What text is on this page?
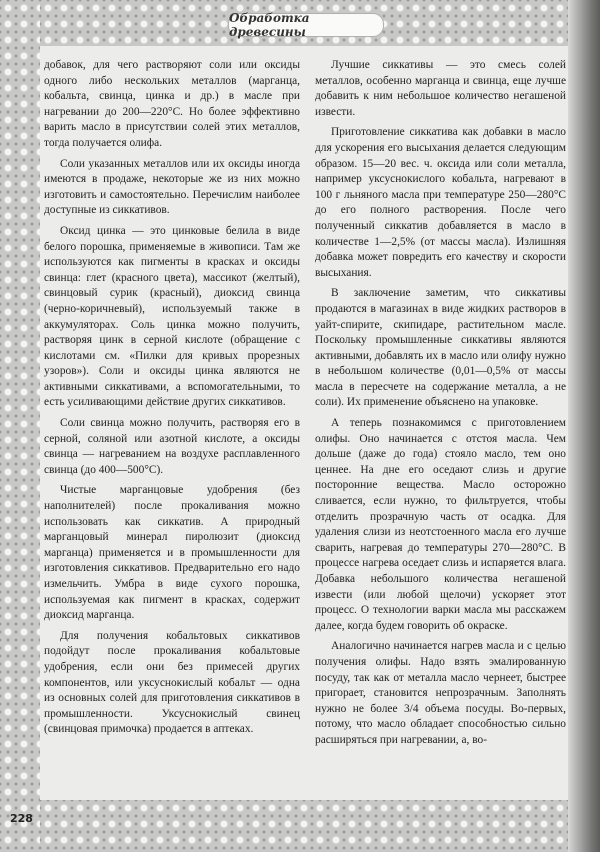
Обработка древесины

добавок, для чего растворяют соли или оксиды одного либо нескольких металлов (марганца, кобальта, свинца, цинка и др.) в масле при нагревании до 200—220°С. Но более эффективно варить масло в присутствии солей этих металлов, тогда получается олифа.

Соли указанных металлов или их оксиды иногда имеются в продаже, некоторые же из них можно изготовить и самостоятельно. Перечислим наиболее доступные из сиккативов.

Оксид цинка — это цинковые белила в виде белого порошка, применяемые в живописи. Там же используются как пигменты в красках и оксиды свинца: глет (красного цвета), массикот (желтый), свинцовый сурик (красный), диоксид свинца (черно-коричневый), используемый также в аккумуляторах. Соль цинка можно получить, растворяя цинк в серной кислоте (обращение с кислотами см. «Пилки для кривых прорезных узоров»). Соли и оксиды цинка являются не активными сиккативами, а вспомогательными, то есть усиливающими действие других сиккативов.

Соли свинца можно получить, растворяя его в серной, соляной или азотной кислоте, а оксиды свинца — нагреванием на воздухе расплавленного свинца (до 400—500°С).

Чистые марганцовые удобрения (без наполнителей) после прокаливания можно использовать как сиккатив. А природный марганцовый минерал пиролюзит (диоксид марганца) применяется и в промышленности для изготовления сиккативов. Предварительно его надо измельчить. Умбра в виде сухого порошка, используемая как пигмент в красках, содержит диоксид марганца.

Для получения кобальтовых сиккативов подойдут после прокаливания кобальтовые удобрения, если они без примесей других компонентов, или уксуснокислый кобальт — одна из основных солей для приготовления сиккативов в промышленности. Уксуснокислый свинец (свинцовая примочка) продается в аптеках.

Лучшие сиккативы — это смесь солей металлов, особенно марганца и свинца, еще лучше добавить к ним небольшое количество негашеной извести.

Приготовление сиккатива как добавки в масло для ускорения его высыхания делается следующим образом. 15—20 вес. ч. оксида или соли металла, например уксуснокислого кобальта, нагревают в 100 г льняного масла при температуре 250—280°С до его полного растворения. После чего полученный сиккатив добавляется в масло в количестве 1—2,5% (от массы масла). Излишняя добавка может повредить его качеству и скорости высыхания.

В заключение заметим, что сиккативы продаются в магазинах в виде жидких растворов в уайт-спирите, скипидаре, растительном масле. Поскольку промышленные сиккативы являются активными, добавлять их в масло или олифу нужно в небольшом количестве (0,01—0,5% от массы масла в пересчете на содержание металла, а не соли). Их применение объяснено на упаковке.

А теперь познакомимся с приготовлением олифы. Оно начинается с отстоя масла. Чем дольше (даже до года) стояло масло, тем оно ценнее. На дне его оседают слизь и другие посторонние вещества. Масло осторожно сливается, если нужно, то фильтруется, чтобы отделить прозрачную часть от осадка. Для удаления слизи из неотстоенного масла его лучше сварить, нагревая до температуры 270—280°С. В процессе нагрева оседает слизь и испаряется влага. Добавка небольшого количества негашеной извести (или любой щелочи) ускоряет этот процесс. О технологии варки масла мы расскажем далее, когда будем говорить об окраске.

Аналогично начинается нагрев масла и с целью получения олифы. Надо взять эмалированную посуду, так как от металла масло чернеет, быстрее пригорает, становится непрозрачным. Заполнять нужно не более 3/4 объема посуды. Во-первых, потому, что масло обладает способностью сильно расширяться при нагревании, а, во-

228
